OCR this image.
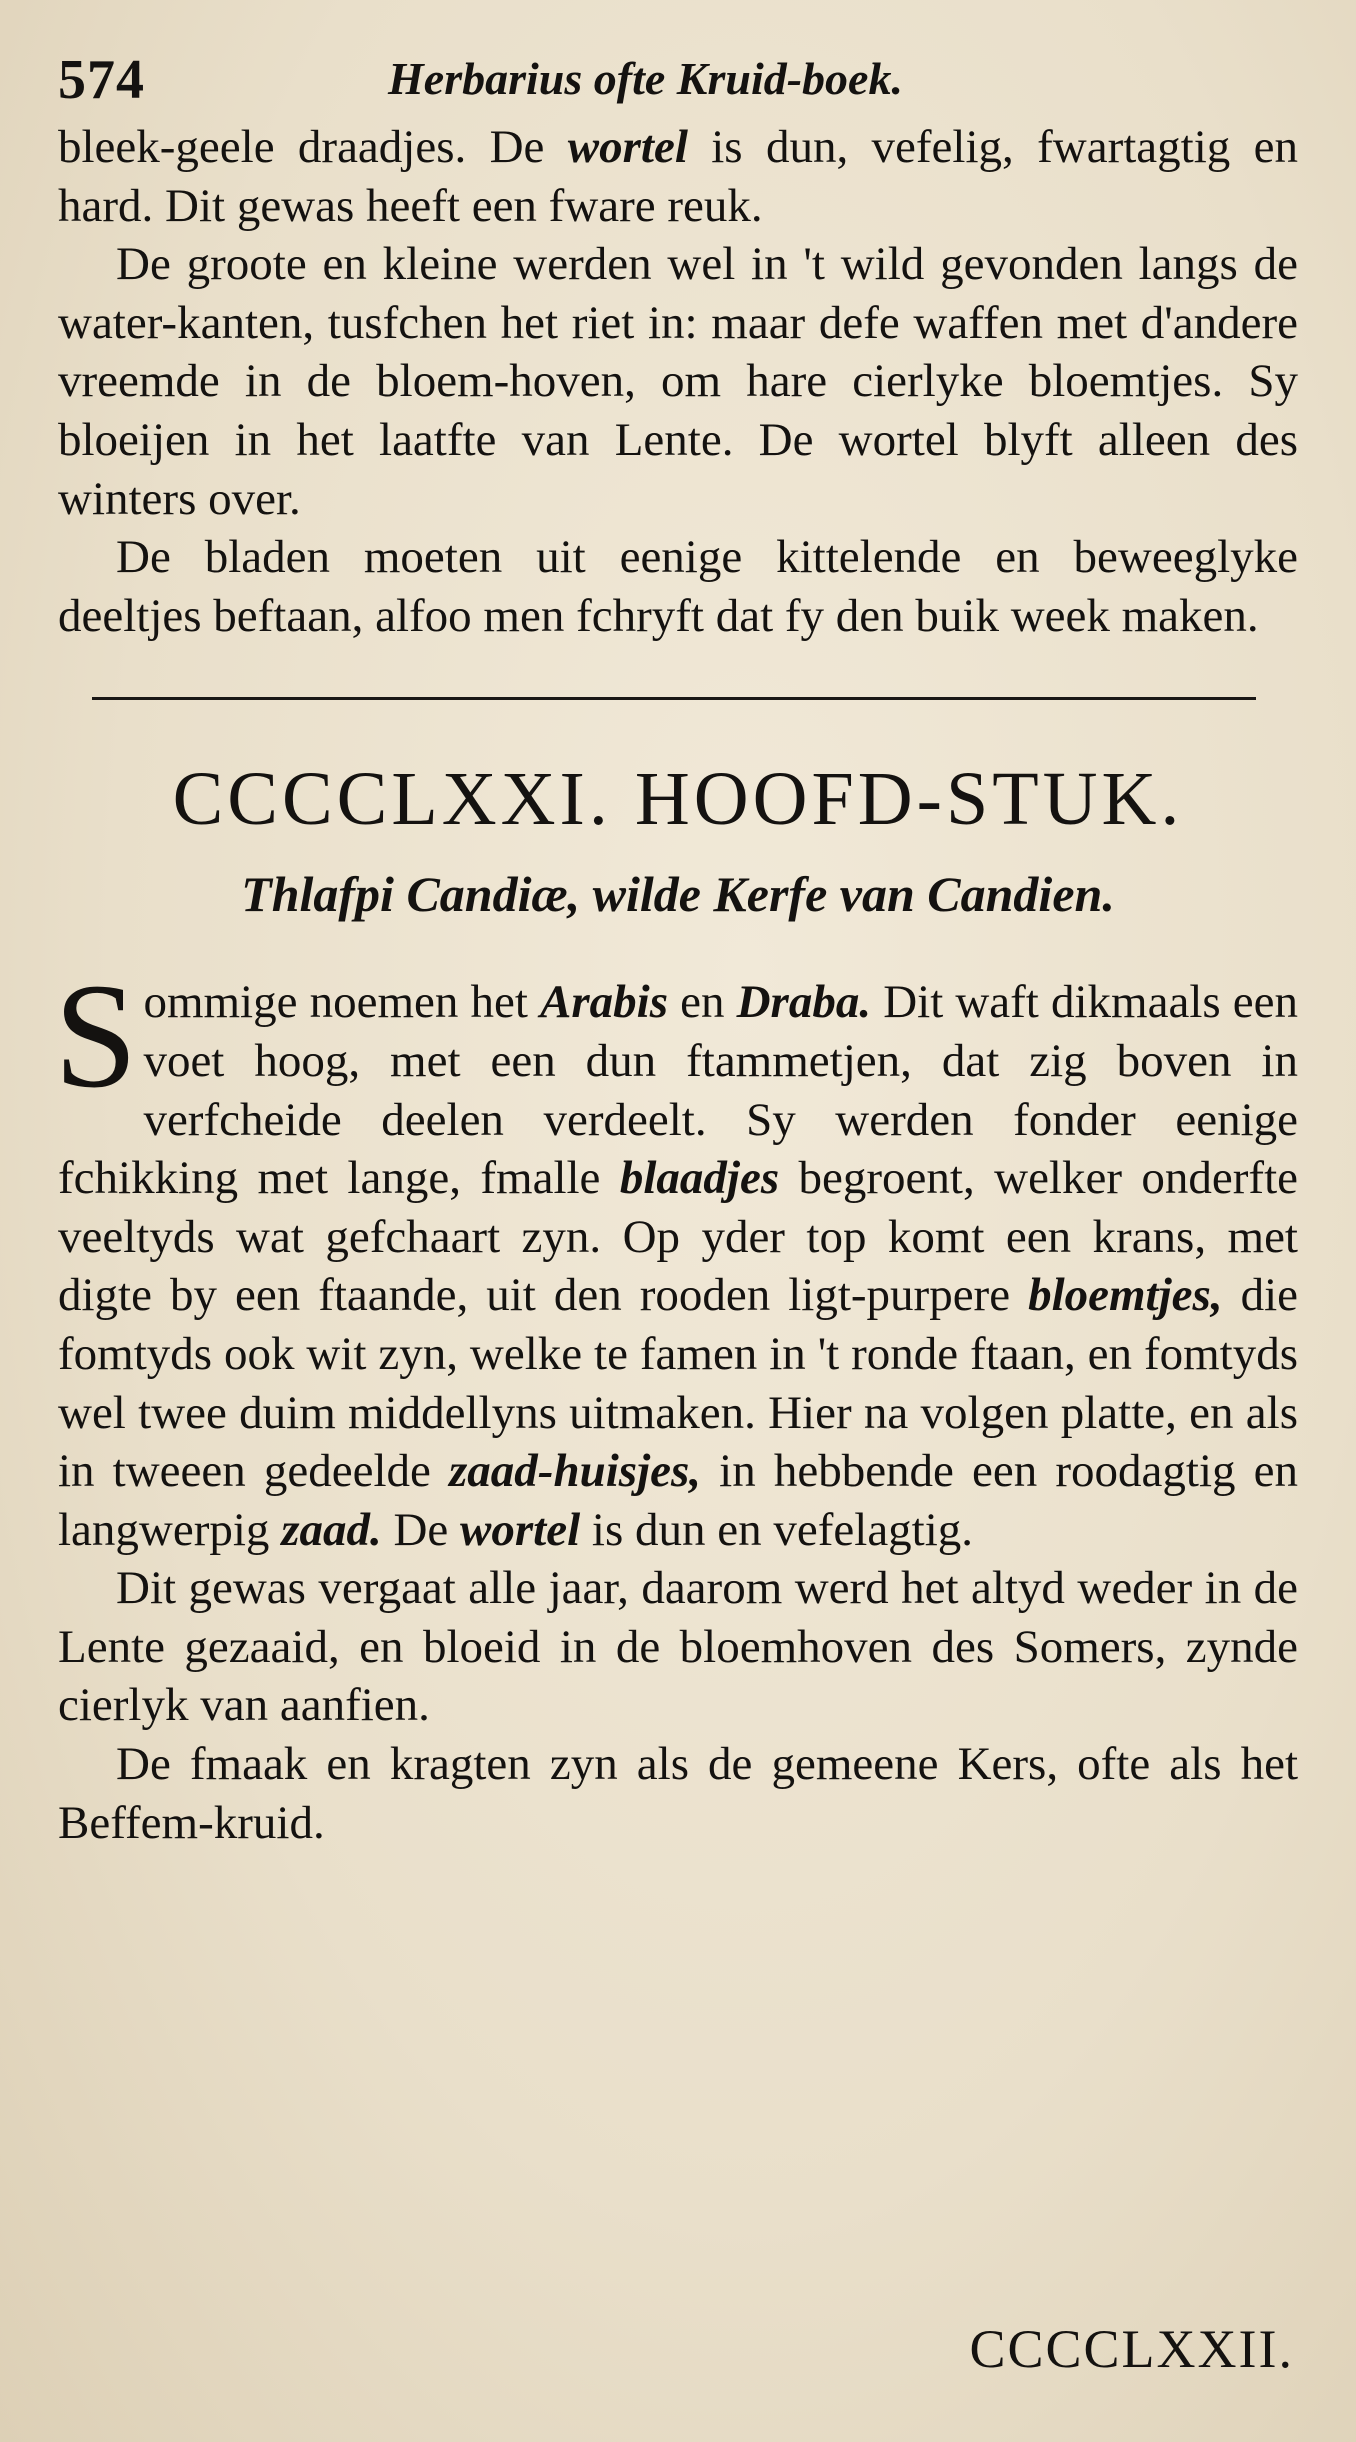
574	Herbarius ofte Kruid-boek.

bleek-geele draadjes. De wortel is dun, vefelig, fwartagtig en hard. Dit gewas heeft een fware reuk.

De groote en kleine werden wel in 't wild gevonden langs de water-kanten, tusfchen het riet in: maar defe waffen met d'andere vreemde in de bloem-hoven, om hare cierlyke bloemtjes. Sy bloeijen in het laatfte van Lente. De wortel blyft alleen des winters over.

De bladen moeten uit eenige kittelende en beweeglyke deeltjes beftaan, alfoo men fchryft dat fy den buik week maken.

CCCCLXXI. HOOFD-STUK.
Thlafpi Candiæ, wilde Kerfe van Candien.

Sommige noemen het Arabis en Draba. Dit waft dikmaals een voet hoog, met een dun ftammetjen, dat zig boven in verfcheide deelen verdeelt. Sy werden fonder eenige fchikking met lange, fmalle blaadjes begroent, welker onderfte veeltyds wat gefchaart zyn. Op yder top komt een krans, met digte by een ftaande, uit den rooden ligt-purpere bloemtjes, die fomtyds ook wit zyn, welke te famen in 't ronde ftaan, en fomtyds wel twee duim middellyns uitmaken. Hier na volgen platte, en als in tweeen gedeelde zaad-huisjes, in hebbende een roodagtig en langwerpig zaad. De wortel is dun en vefelagtig.

Dit gewas vergaat alle jaar, daarom werd het altyd weder in de Lente gezaaid, en bloeid in de bloemhoven des Somers, zynde cierlyk van aanfien.

De fmaak en kragten zyn als de gemeene Kers, ofte als het Beffem-kruid.

CCCCLXXII.
